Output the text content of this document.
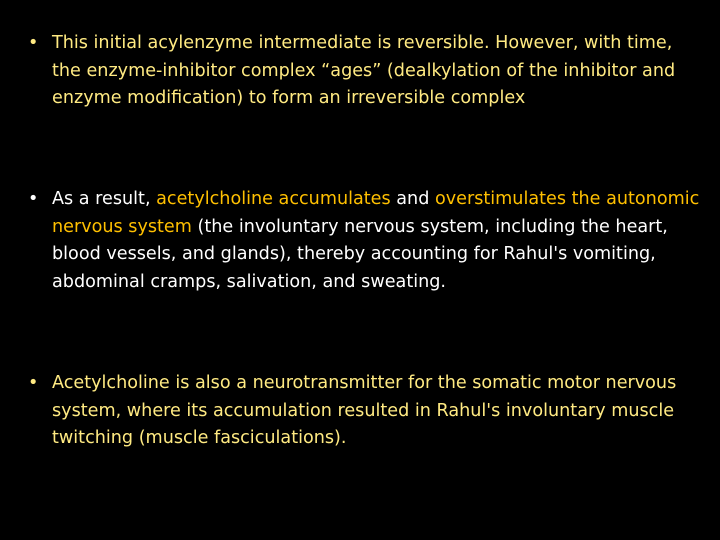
• This initial acylenzyme intermediate is reversible. However, with time, the enzyme-inhibitor complex “ages” (dealkylation of the inhibitor and enzyme modification) to form an irreversible complex
• As a result, acetylcholine accumulates and overstimulates the autonomic nervous system (the involuntary nervous system, including the heart, blood vessels, and glands), thereby accounting for Rahul's vomiting, abdominal cramps, salivation, and sweating.
• Acetylcholine is also a neurotransmitter for the somatic motor nervous system, where its accumulation resulted in Rahul's involuntary muscle twitching (muscle fasciculations).
